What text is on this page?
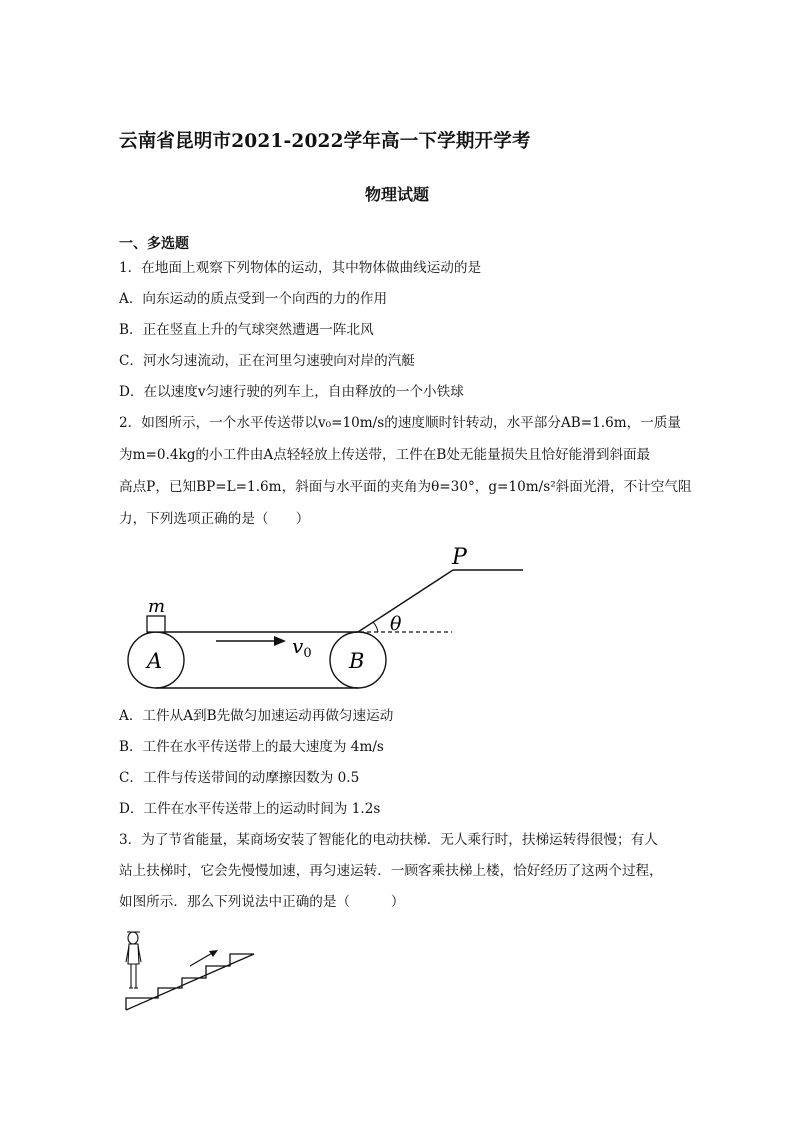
云南省昆明市2021-2022学年高一下学期开学考
物理试题
一、多选题
1．在地面上观察下列物体的运动，其中物体做曲线运动的是
A．向东运动的质点受到一个向西的力的作用
B．正在竖直上升的气球突然遭遇一阵北风
C．河水匀速流动，正在河里匀速驶向对岸的汽艇
D．在以速度v匀速行驶的列车上，自由释放的一个小铁球
2．如图所示，一个水平传送带以v₀=10m/s的速度顺时针转动，水平部分AB=1.6m，一质量
为m=0.4kg的小工件由A点轻轻放上传送带，工件在B处无能量损失且恰好能滑到斜面最
高点P，已知BP=L=1.6m，斜面与水平面的夹角为θ=30°，g=10m/s²斜面光滑，不计空气阻
力，下列选项正确的是（　　）
P
θ
A	B
m
$v_0$
A．工件从A到B先做匀加速运动再做匀速运动
B．工件在水平传送带上的最大速度为 4m/s
C．工件与传送带间的动摩擦因数为 0.5
D．工件在水平传送带上的运动时间为 1.2s
3．为了节省能量，某商场安装了智能化的电动扶梯．无人乘行时，扶梯运转得很慢；有人
站上扶梯时，它会先慢慢加速，再匀速运转．一顾客乘扶梯上楼，恰好经历了这两个过程，
如图所示．那么下列说法中正确的是（　　　）
